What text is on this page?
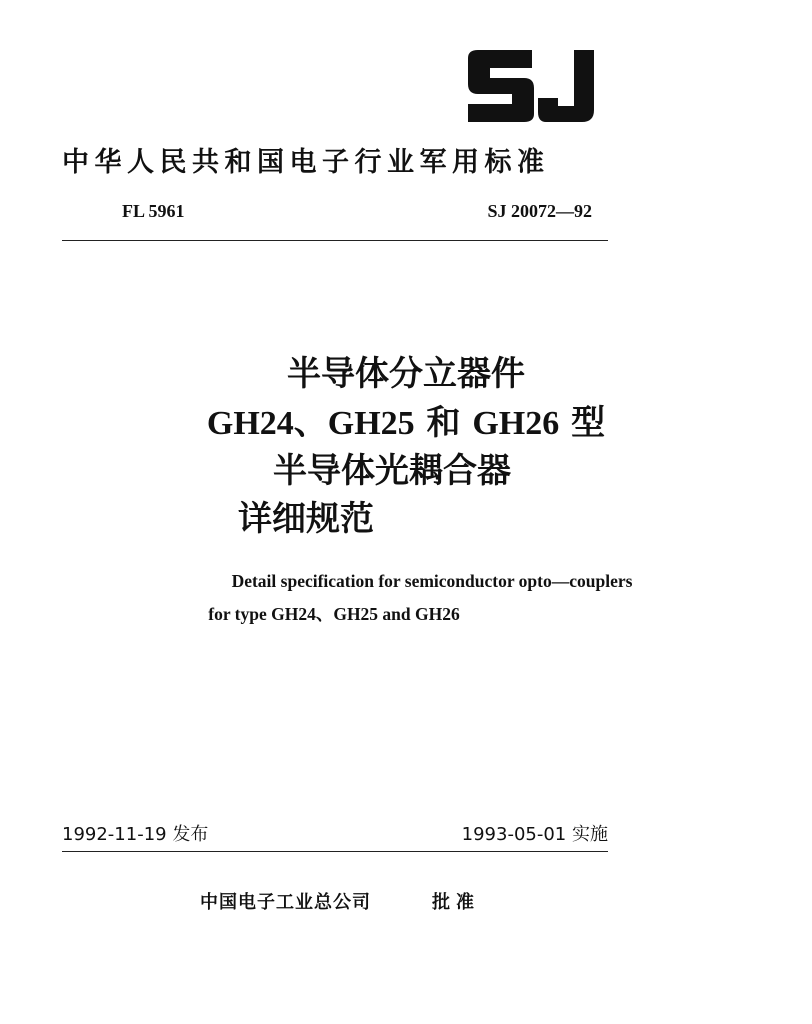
中华人民共和国电子行业军用标准
FL 5961	SJ 20072—92
半导体分立器件
GH24、GH25 和 GH26 型
半导体光耦合器
详细规范
Detail specification for semiconductor opto—couplers
for type GH24、GH25 and GH26
1992-11-19 发布	1993-05-01 实施
中国电子工业总公司	批准
